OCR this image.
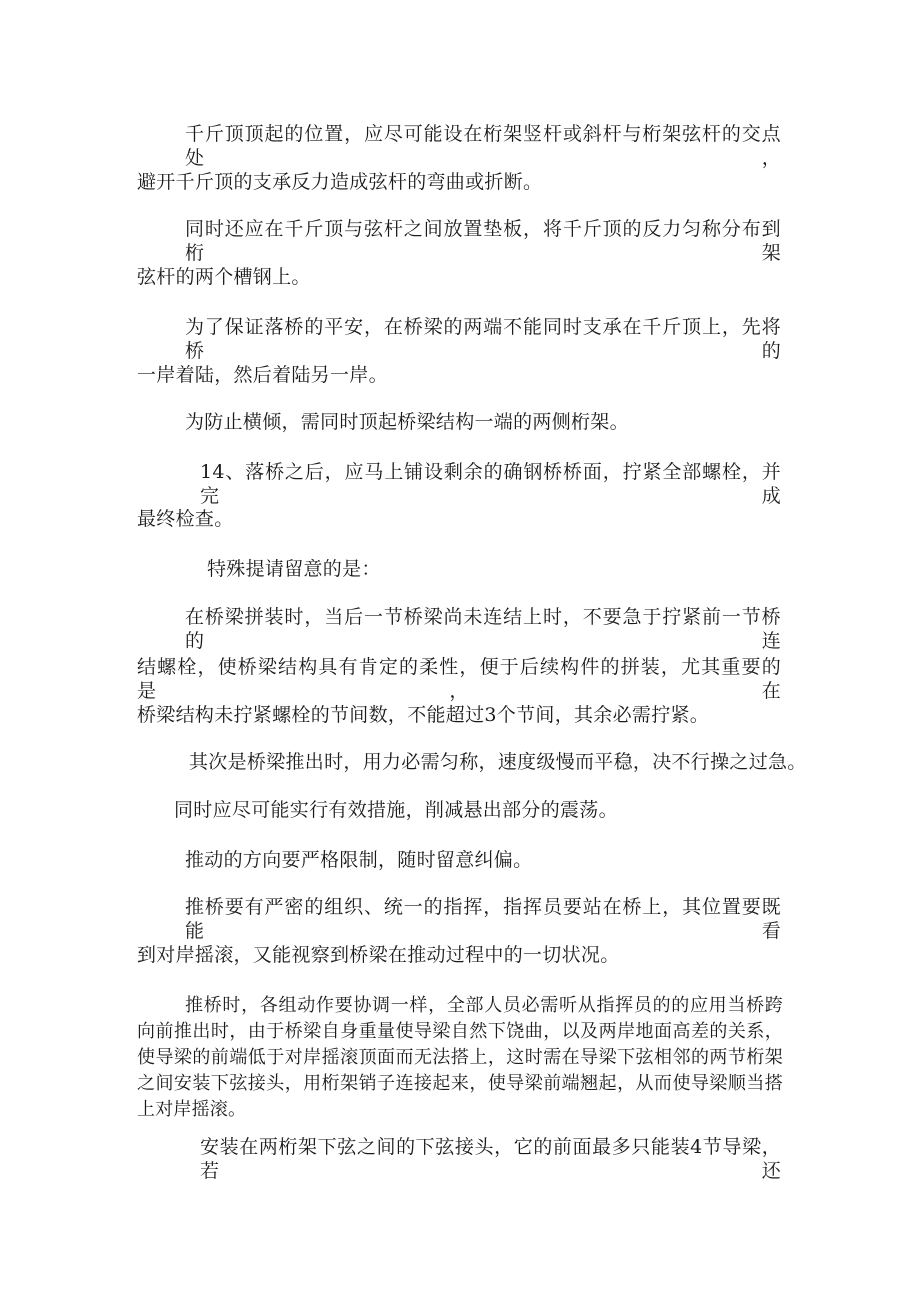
千斤顶顶起的位置，应尽可能设在桁架竖杆或斜杆与桁架弦杆的交点处，
避开千斤顶的支承反力造成弦杆的弯曲或折断。
同时还应在千斤顶与弦杆之间放置垫板，将千斤顶的反力匀称分布到桁架
弦杆的两个槽钢上。
为了保证落桥的平安，在桥梁的两端不能同时支承在千斤顶上，先将桥的
一岸着陆，然后着陆另一岸。
为防止横倾，需同时顶起桥梁结构一端的两侧桁架。
14、落桥之后，应马上铺设剩余的确钢桥桥面，拧紧全部螺栓，并完成
最终检查。
特殊提请留意的是：
在桥梁拼装时，当后一节桥梁尚未连结上时，不要急于拧紧前一节桥的连
结螺栓，使桥梁结构具有肯定的柔性，便于后续构件的拼装，尤其重要的是，在
桥梁结构未拧紧螺栓的节间数，不能超过3个节间，其余必需拧紧。
其次是桥梁推出时，用力必需匀称，速度级慢而平稳，决不行操之过急。
同时应尽可能实行有效措施，削减悬出部分的震荡。
推动的方向要严格限制，随时留意纠偏。
推桥要有严密的组织、统一的指挥，指挥员要站在桥上，其位置要既能看
到对岸摇滚，又能视察到桥梁在推动过程中的一切状况。
推桥时，各组动作要协调一样，全部人员必需听从指挥员的的应用当桥跨向前推出时，由于桥梁自身重量使导梁自然下饶曲，以及两岸地面高差的关系，使导梁的前端低于对岸摇滚顶面而无法搭上，这时需在导梁下弦相邻的两节桁架之间安装下弦接头，用桁架销子连接起来，使导梁前端翘起，从而使导梁顺当搭上对岸摇滚。
安装在两桁架下弦之间的下弦接头，它的前面最多只能装4节导梁，若还
